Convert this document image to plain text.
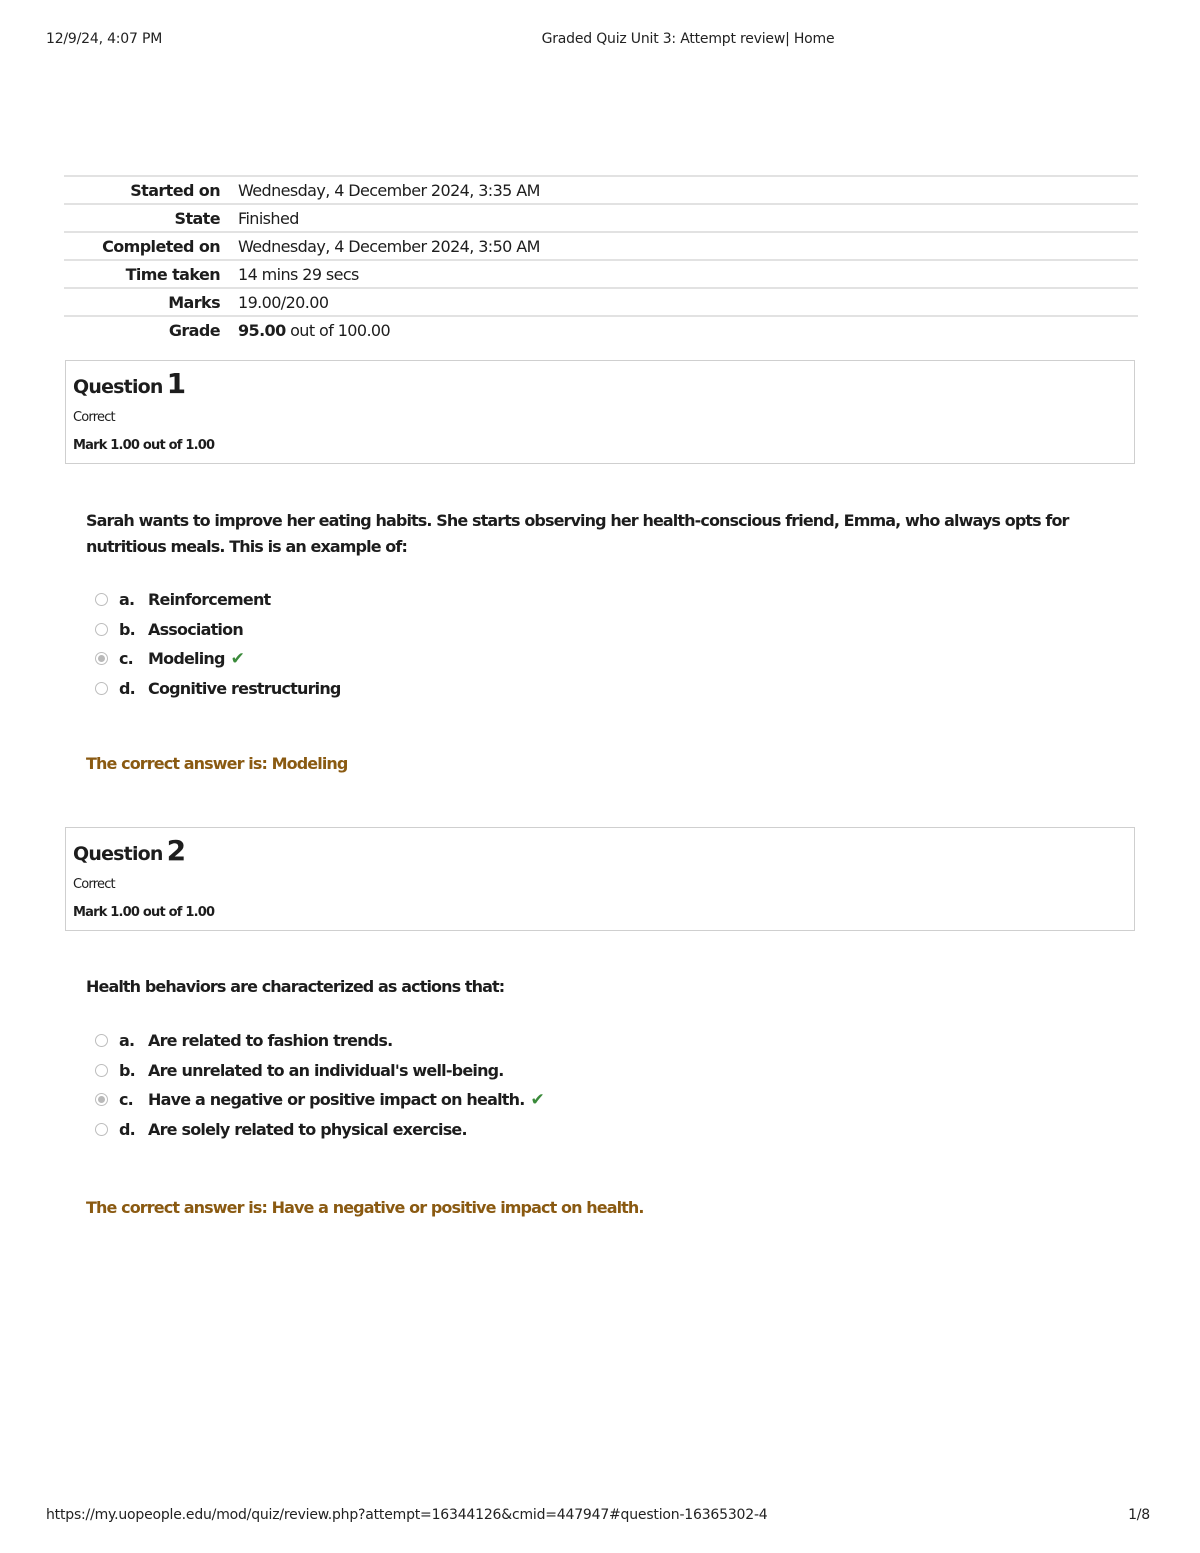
12/9/24, 4:07 PM	Graded Quiz Unit 3: Attempt review| Home
Started on	Wednesday, 4 December 2024, 3:35 AM
State	Finished
Completed on	Wednesday, 4 December 2024, 3:50 AM
Time taken	14 mins 29 secs
Marks	19.00/20.00
Grade	95.00 out of 100.00
Question 1
Correct
Mark 1.00 out of 1.00
Sarah wants to improve her eating habits. She starts observing her health-conscious friend, Emma, who always opts for nutritious meals. This is an example of:
a. Reinforcement
b. Association
c. Modeling ✔
d. Cognitive restructuring
The correct answer is: Modeling
Question 2
Correct
Mark 1.00 out of 1.00
Health behaviors are characterized as actions that:
a. Are related to fashion trends.
b. Are unrelated to an individual's well-being.
c. Have a negative or positive impact on health. ✔
d. Are solely related to physical exercise.
The correct answer is: Have a negative or positive impact on health.
https://my.uopeople.edu/mod/quiz/review.php?attempt=16344126&cmid=447947#question-16365302-4	1/8
